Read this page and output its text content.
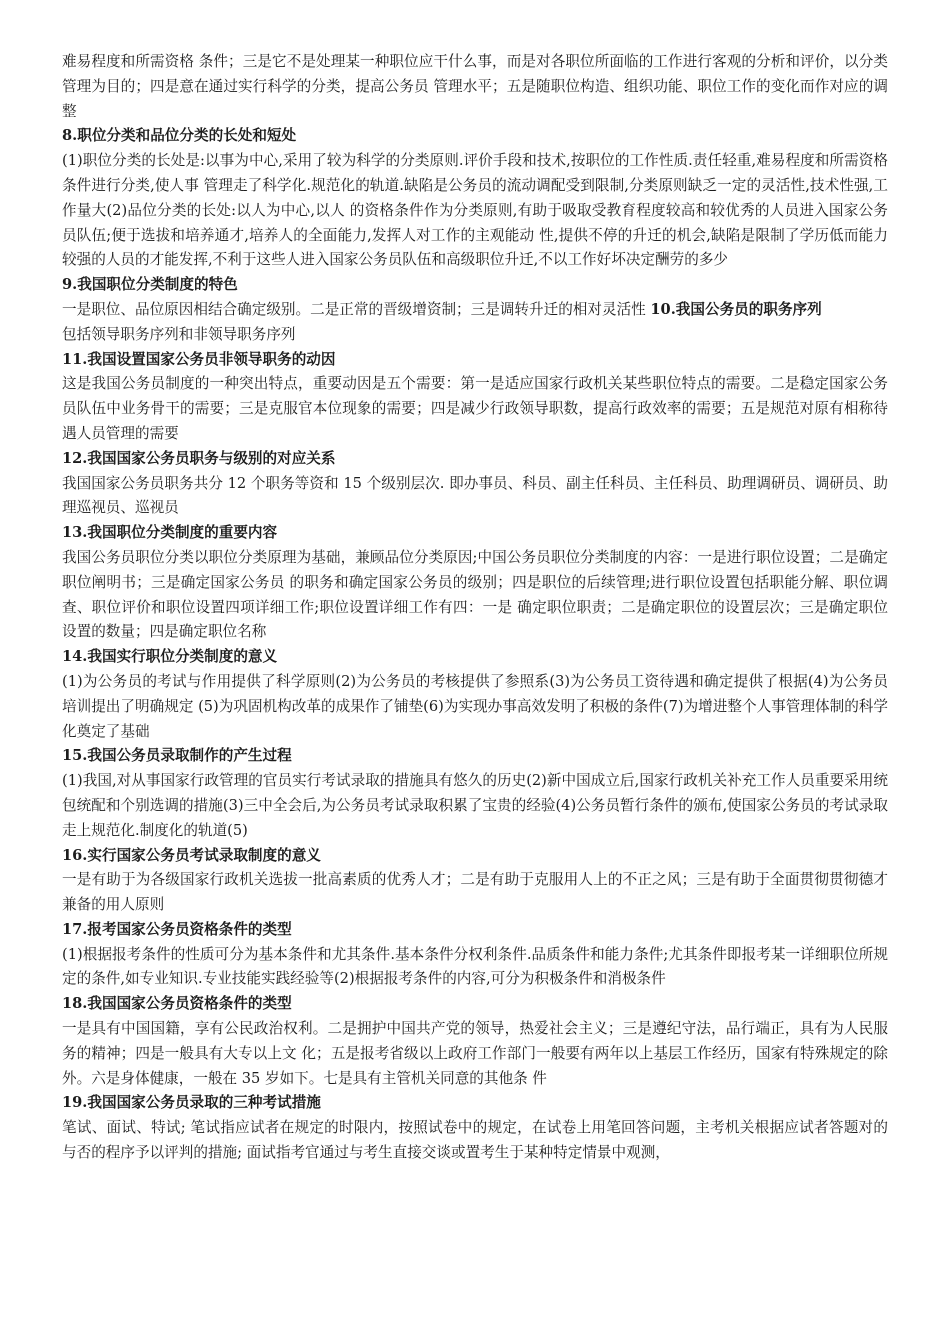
难易程度和所需资格 条件；三是它不是处理某一种职位应干什么事，而是对各职位所面临的工作进行客观的分析和评价，以分类管理为目的；四是意在通过实行科学的分类，提高公务员 管理水平；五是随职位构造、组织功能、职位工作的变化而作对应的调整

8.职位分类和品位分类的长处和短处

(1)职位分类的长处是:以事为中心,采用了较为科学的分类原则.评价手段和技术,按职位的工作性质.责任轻重,难易程度和所需资格条件进行分类,使人事 管理走了科学化.规范化的轨道.缺陷是公务员的流动调配受到限制,分类原则缺乏一定的灵活性,技术性强,工作量大(2)品位分类的长处:以人为中心,以人 的资格条件作为分类原则,有助于吸取受教育程度较高和较优秀的人员进入国家公务员队伍;便于选拔和培养通才,培养人的全面能力,发挥人对工作的主观能动 性,提供不停的升迁的机会,缺陷是限制了学历低而能力较强的人员的才能发挥,不利于这些人进入国家公务员队伍和高级职位升迁,不以工作好坏决定酬劳的多少

9.我国职位分类制度的特色

一是职位、品位原因相结合确定级别。二是正常的晋级增资制；三是调转升迁的相对灵活性 10.我国公务员的职务序列

包括领导职务序列和非领导职务序列

11.我国设置国家公务员非领导职务的动因

这是我国公务员制度的一种突出特点，重要动因是五个需要：第一是适应国家行政机关某些职位特点的需要。二是稳定国家公务员队伍中业务骨干的需要；三是克服官本位现象的需要；四是减少行政领导职数，提高行政效率的需要；五是规范对原有相称待遇人员管理的需要

12.我国国家公务员职务与级别的对应关系

我国国家公务员职务共分 12 个职务等资和 15 个级别层次. 即办事员、科员、副主任科员、主任科员、助理调研员、调研员、助理巡视员、巡视员

13.我国职位分类制度的重要内容

我国公务员职位分类以职位分类原理为基础，兼顾品位分类原因;中国公务员职位分类制度的内容：一是进行职位设置；二是确定职位阐明书；三是确定国家公务员 的职务和确定国家公务员的级别；四是职位的后续管理;进行职位设置包括职能分解、职位调查、职位评价和职位设置四项详细工作;职位设置详细工作有四：一是 确定职位职责；二是确定职位的设置层次；三是确定职位设置的数量；四是确定职位名称

14.我国实行职位分类制度的意义

(1)为公务员的考试与作用提供了科学原则(2)为公务员的考核提供了参照系(3)为公务员工资待遇和确定提供了根据(4)为公务员培训提出了明确规定 (5)为巩固机构改革的成果作了铺垫(6)为实现办事高效发明了积极的条件(7)为增进整个人事管理体制的科学化奠定了基础

15.我国公务员录取制作的产生过程

(1)我国,对从事国家行政管理的官员实行考试录取的措施具有悠久的历史(2)新中国成立后,国家行政机关补充工作人员重要采用统包统配和个别选调的措施(3)三中全会后,为公务员考试录取积累了宝贵的经验(4)公务员暂行条件的颁布,使国家公务员的考试录取走上规范化.制度化的轨道(5)

16.实行国家公务员考试录取制度的意义

一是有助于为各级国家行政机关选拔一批高素质的优秀人才；二是有助于克服用人上的不正之风；三是有助于全面贯彻贯彻德才兼备的用人原则

17.报考国家公务员资格条件的类型

(1)根据报考条件的性质可分为基本条件和尤其条件.基本条件分权利条件.品质条件和能力条件;尤其条件即报考某一详细职位所规定的条件,如专业知识.专业技能实践经验等(2)根据报考条件的内容,可分为积极条件和消极条件

18.我国国家公务员资格条件的类型

一是具有中国国籍，享有公民政治权利。二是拥护中国共产党的领导，热爱社会主义；三是遵纪守法，品行端正，具有为人民服务的精神；四是一般具有大专以上文 化；五是报考省级以上政府工作部门一般要有两年以上基层工作经历，国家有特殊规定的除外。六是身体健康，一般在 35 岁如下。七是具有主管机关同意的其他条 件

19.我国国家公务员录取的三种考试措施

笔试、面试、特试; 笔试指应试者在规定的时限内，按照试卷中的规定，在试卷上用笔回答问题，主考机关根据应试者答题对的与否的程序予以评判的措施; 面试指考官通过与考生直接交谈或置考生于某种特定情景中观测，
